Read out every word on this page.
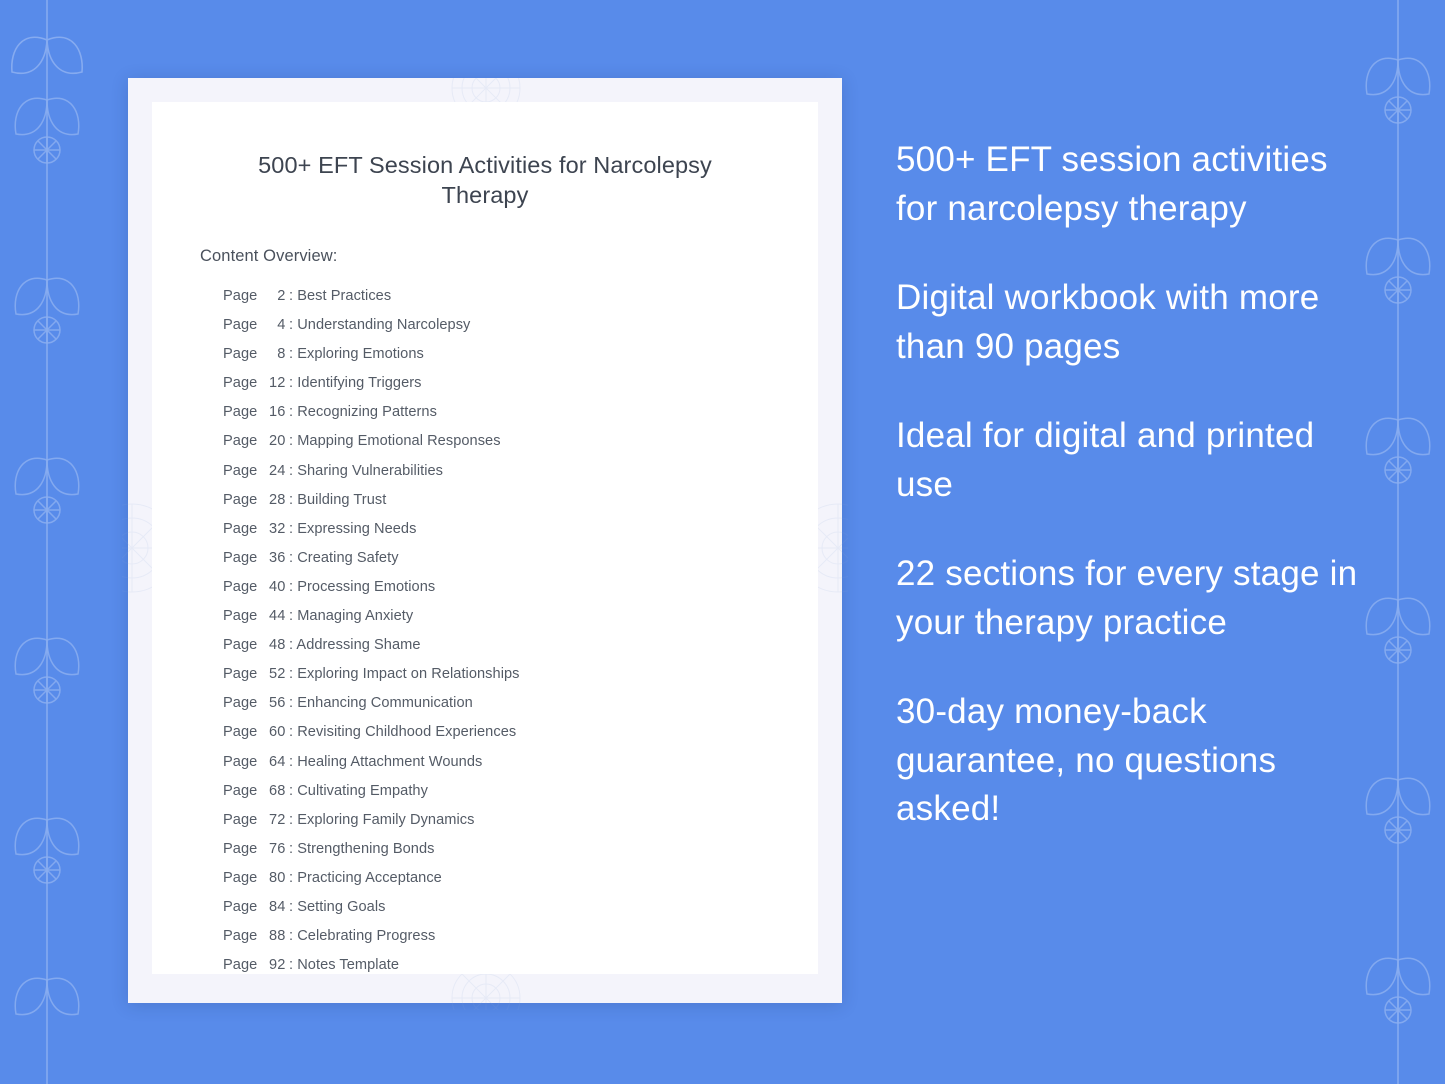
500+ EFT Session Activities for Narcolepsy Therapy
Content Overview:
Page 2 : Best Practices
Page 4 : Understanding Narcolepsy
Page 8 : Exploring Emotions
Page 12 : Identifying Triggers
Page 16 : Recognizing Patterns
Page 20 : Mapping Emotional Responses
Page 24 : Sharing Vulnerabilities
Page 28 : Building Trust
Page 32 : Expressing Needs
Page 36 : Creating Safety
Page 40 : Processing Emotions
Page 44 : Managing Anxiety
Page 48 : Addressing Shame
Page 52 : Exploring Impact on Relationships
Page 56 : Enhancing Communication
Page 60 : Revisiting Childhood Experiences
Page 64 : Healing Attachment Wounds
Page 68 : Cultivating Empathy
Page 72 : Exploring Family Dynamics
Page 76 : Strengthening Bonds
Page 80 : Practicing Acceptance
Page 84 : Setting Goals
Page 88 : Celebrating Progress
Page 92 : Notes Template
500+ EFT session activities for narcolepsy therapy
Digital workbook with more than 90 pages
Ideal for digital and printed use
22 sections for every stage in your therapy practice
30-day money-back guarantee, no questions asked!
